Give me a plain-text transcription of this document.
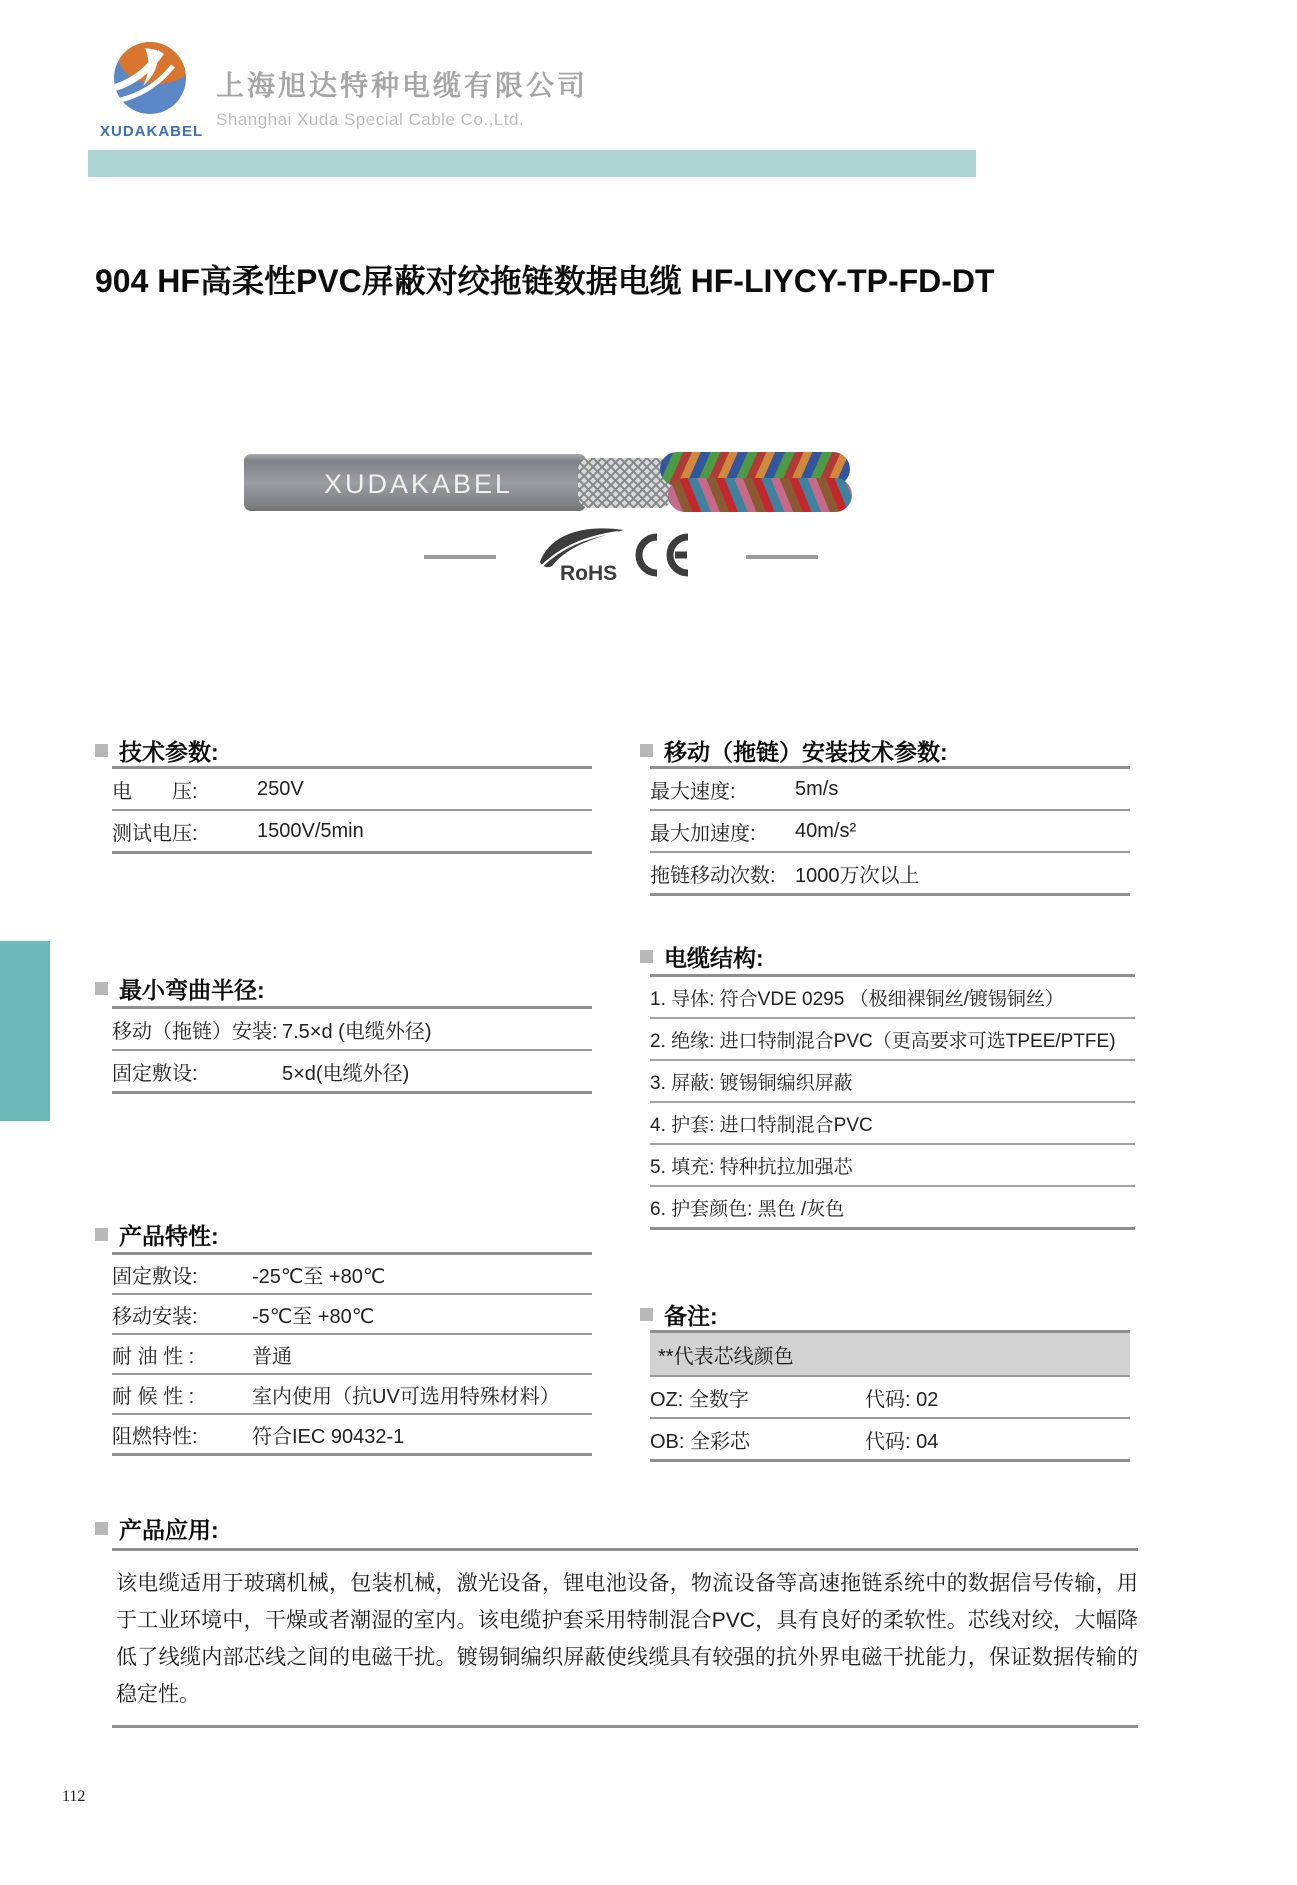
XUDAKABEL
上海旭达特种电缆有限公司
Shanghai Xuda Special Cable Co.,Ltd.
904 HF高柔性PVC屏蔽对绞拖链数据电缆 HF-LIYCY-TP-FD-DT
XUDAKABEL
RoHS
技术参数:
电　　压:	250V
测试电压:	1500V/5min
移动（拖链）安装技术参数:
最大速度:	5m/s
最大加速度:	40m/s²
拖链移动次数: 1000万次以上
电缆结构:
1. 导体: 符合VDE 0295 （极细裸铜丝/镀锡铜丝）
2. 绝缘: 进口特制混合PVC（更高要求可选TPEE/PTFE)
3. 屏蔽: 镀锡铜编织屏蔽
4. 护套: 进口特制混合PVC
5. 填充: 特种抗拉加强芯
6. 护套颜色: 黑色 /灰色
最小弯曲半径:
移动（拖链）安装: 7.5×d (电缆外径)
固定敷设:	5×d(电缆外径)
产品特性:
固定敷设:	-25℃至 +80℃
移动安装:	-5℃至 +80℃
耐 油 性 :	普通
耐 候 性 :	室内使用（抗UV可选用特殊材料）
阻燃特性:	符合IEC 90432-1
备注:
**代表芯线颜色
OZ: 全数字	代码: 02
OB: 全彩芯	代码: 04
产品应用:
该电缆适用于玻璃机械，包装机械，激光设备，锂电池设备，物流设备等高速拖链系统中的数据信号传输，用于工业环境中，干燥或者潮湿的室内。该电缆护套采用特制混合PVC，具有良好的柔软性。芯线对绞，大幅降低了线缆内部芯线之间的电磁干扰。镀锡铜编织屏蔽使线缆具有较强的抗外界电磁干扰能力，保证数据传输的稳定性。
112
